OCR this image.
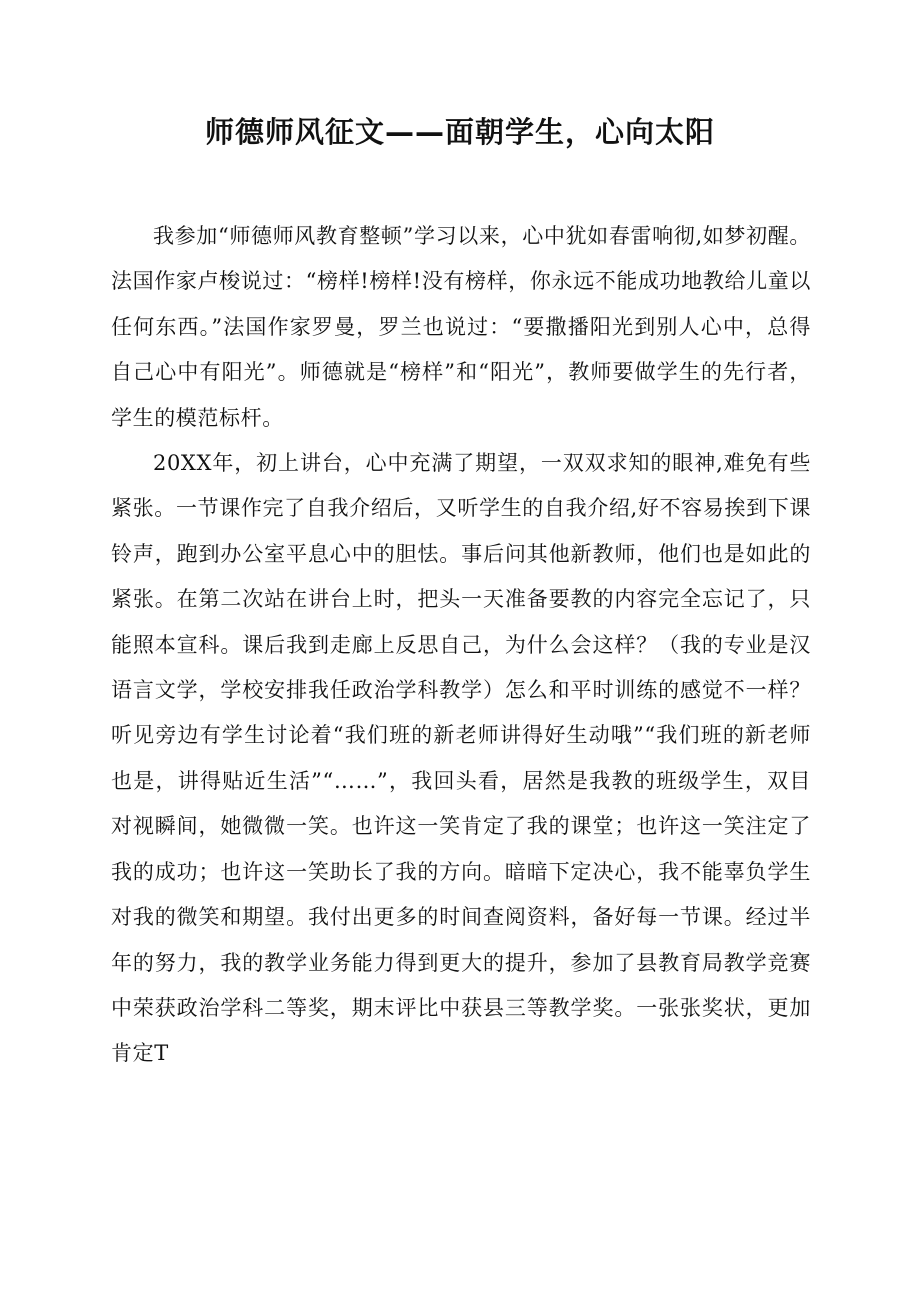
师德师风征文——面朝学生，心向太阳

我参加“师德师风教育整顿”学习以来，心中犹如春雷响彻,如梦初醒。法国作家卢梭说过：“榜样!榜样!没有榜样，你永远不能成功地教给儿童以任何东西。”法国作家罗曼，罗兰也说过：“要撒播阳光到别人心中，总得自己心中有阳光”。师德就是“榜样”和“阳光”，教师要做学生的先行者，学生的模范标杆。

20XX年，初上讲台，心中充满了期望，一双双求知的眼神,难免有些紧张。一节课作完了自我介绍后，又听学生的自我介绍,好不容易挨到下课铃声，跑到办公室平息心中的胆怯。事后问其他新教师，他们也是如此的紧张。在第二次站在讲台上时，把头一天准备要教的内容完全忘记了，只能照本宣科。课后我到走廊上反思自己，为什么会这样？（我的专业是汉语言文学，学校安排我任政治学科教学）怎么和平时训练的感觉不一样？听见旁边有学生讨论着“我们班的新老师讲得好生动哦”“我们班的新老师也是，讲得贴近生活”“……”，我回头看，居然是我教的班级学生，双目对视瞬间，她微微一笑。也许这一笑肯定了我的课堂；也许这一笑注定了我的成功；也许这一笑助长了我的方向。暗暗下定决心，我不能辜负学生对我的微笑和期望。我付出更多的时间查阅资料，备好每一节课。经过半年的努力，我的教学业务能力得到更大的提升，参加了县教育局教学竞赛中荣获政治学科二等奖，期末评比中获县三等教学奖。一张张奖状，更加肯定T
